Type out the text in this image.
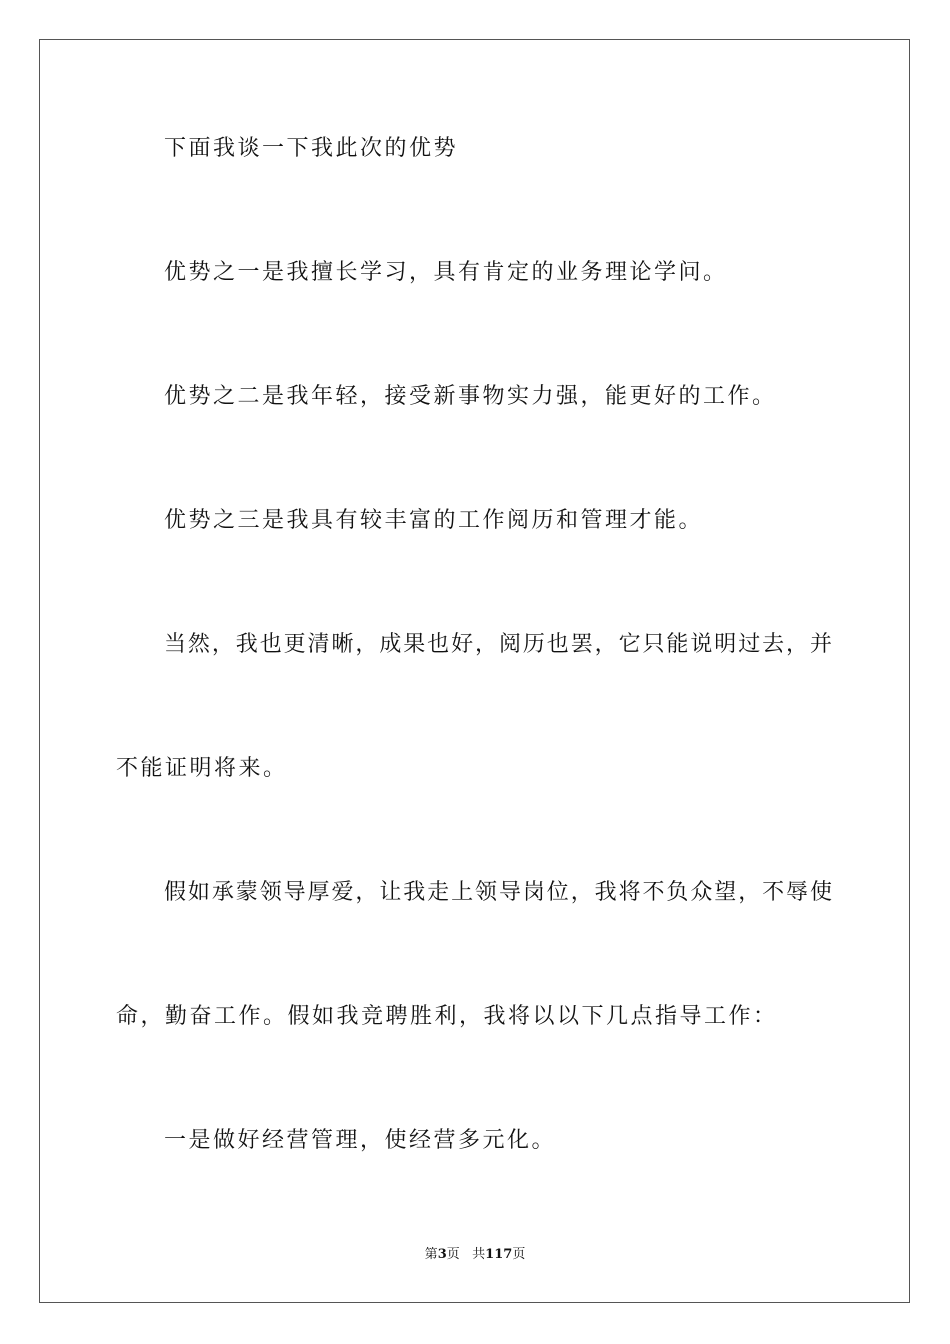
下面我谈一下我此次的优势
优势之一是我擅长学习，具有肯定的业务理论学问。
优势之二是我年轻，接受新事物实力强，能更好的工作。
优势之三是我具有较丰富的工作阅历和管理才能。
当然，我也更清晰，成果也好，阅历也罢，它只能说明过去，并
不能证明将来。
假如承蒙领导厚爱，让我走上领导岗位，我将不负众望，不辱使
命，勤奋工作。假如我竞聘胜利，我将以以下几点指导工作：
一是做好经营管理，使经营多元化。
第3页 共117页
